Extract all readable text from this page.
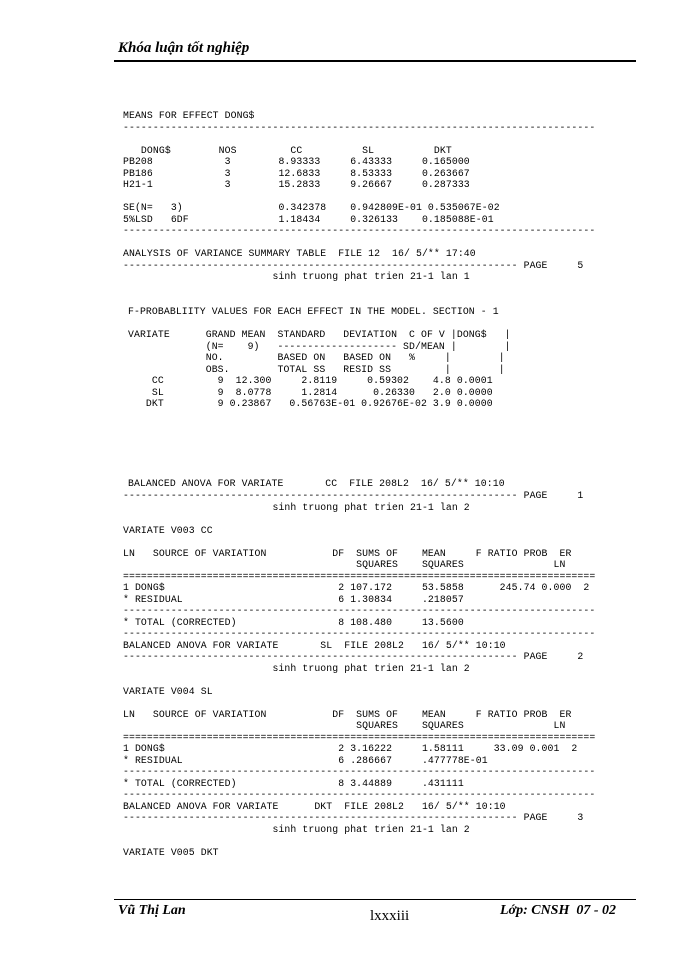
Khóa luận tốt nghiệp
MEANS FOR EFFECT DONG$
-------------------------------------------------------------------------------

DONG$        NOS         CC          SL          DKT
PB208            3        8.93333     6.43333     0.165000
PB186            3        12.6833     8.53333     0.263667
H21-1            3        15.2833     9.26667     0.287333

SE(N=   3)                0.342378    0.942809E-01 0.535067E-02
5%LSD   6DF               1.18434     0.326133    0.185088E-01
-------------------------------------------------------------------------------
ANALYSIS OF VARIANCE SUMMARY TABLE  FILE 12  16/ 5/** 17:40
------------------------------------------------------------------ PAGE     5
sinh truong phat trien 21-1 lan 1
F-PROBABLIITY VALUES FOR EACH EFFECT IN THE MODEL. SECTION - 1

VARIATE      GRAND MEAN  STANDARD   DEVIATION  C OF V |DONG$   |
(N=    9)   -------------------- SD/MEAN |        |
NO.         BASED ON   BASED ON   %     |        |
OBS.        TOTAL SS   RESID SS         |        |
CC         9  12.300     2.8119     0.59302    4.8 0.0001
SL         9  8.0778     1.2814      0.26330   2.0 0.0000
DKT         9 0.23867   0.56763E-01 0.92676E-02 3.9 0.0000
BALANCED ANOVA FOR VARIATE       CC  FILE 208L2  16/ 5/** 10:10
------------------------------------------------------------------ PAGE     1
sinh truong phat trien 21-1 lan 2

VARIATE V003 CC

LN   SOURCE OF VARIATION           DF  SUMS OF    MEAN     F RATIO PROB  ER
SQUARES    SQUARES               LN
===============================================================================
1 DONG$                             2 107.172     53.5858      245.74 0.000  2
* RESIDUAL                          6 1.30834     .218057
-------------------------------------------------------------------------------
* TOTAL (CORRECTED)                 8 108.480     13.5600
-------------------------------------------------------------------------------
BALANCED ANOVA FOR VARIATE       SL  FILE 208L2   16/ 5/** 10:10
------------------------------------------------------------------ PAGE     2
sinh truong phat trien 21-1 lan 2

VARIATE V004 SL

LN   SOURCE OF VARIATION           DF  SUMS OF    MEAN     F RATIO PROB  ER
SQUARES    SQUARES               LN
===============================================================================
1 DONG$                             2 3.16222     1.58111     33.09 0.001  2
* RESIDUAL                          6 .286667     .477778E-01
-------------------------------------------------------------------------------
* TOTAL (CORRECTED)                 8 3.44889     .431111
-------------------------------------------------------------------------------
BALANCED ANOVA FOR VARIATE      DKT  FILE 208L2   16/ 5/** 10:10
------------------------------------------------------------------ PAGE     3
sinh truong phat trien 21-1 lan 2

VARIATE V005 DKT
Vũ Thị Lan	lxxxiii	Lớp: CNSH  07 - 02
